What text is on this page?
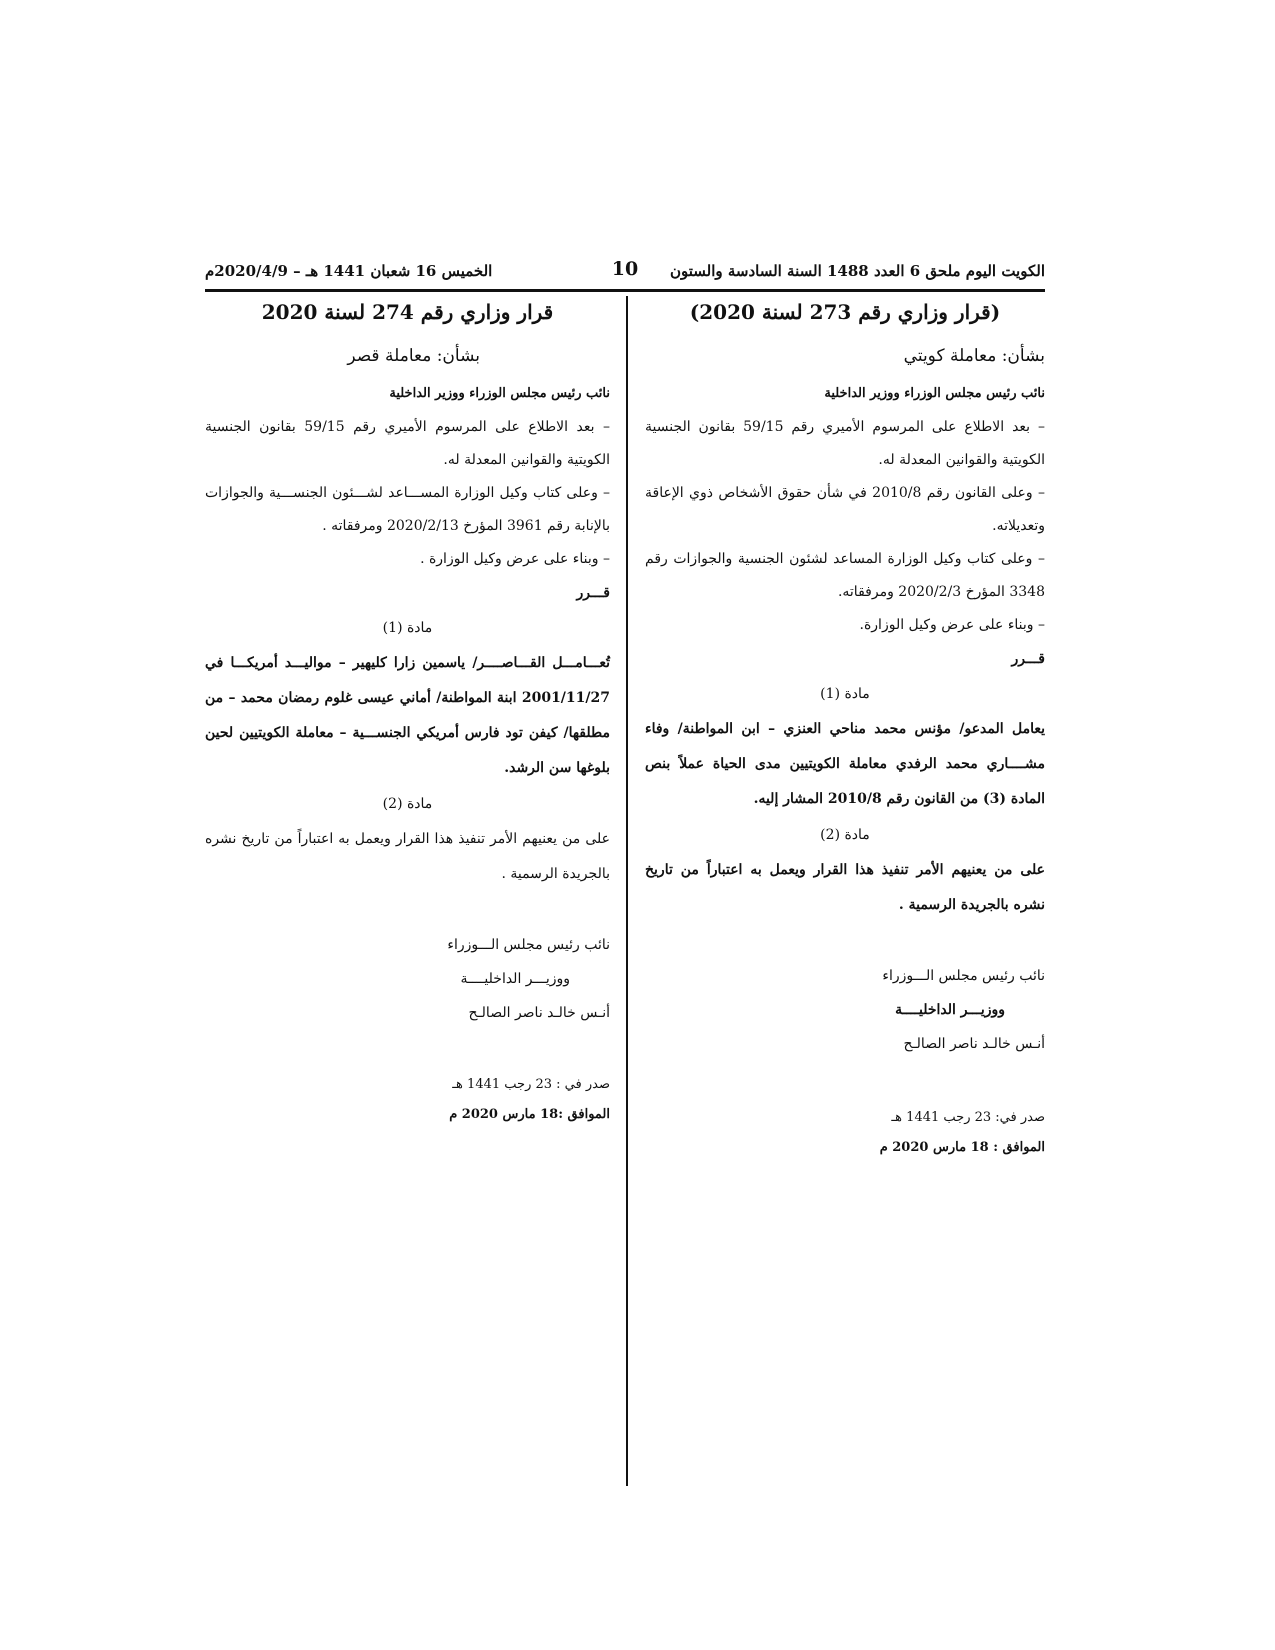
الكويت اليوم ملحق 6 العدد 1488 السنة السادسة والستون
10
الخميس 16 شعبان 1441 هـ – 2020/4/9م
(قرار وزاري رقم 273 لسنة 2020)
بشأن: معاملة كويتي
نائب رئيس مجلس الوزراء ووزير الداخلية
– بعد الاطلاع على المرسوم الأميري رقم 59/15 بقانون الجنسية الكويتية والقوانين المعدلة له.
– وعلى القانون رقم 2010/8 في شأن حقوق الأشخاص ذوي الإعاقة وتعديلاته.
– وعلى كتاب وكيل الوزارة المساعد لشئون الجنسية والجوازات رقم 3348 المؤرخ 2020/2/3 ومرفقاته.
– وبناء على عرض وكيل الوزارة.
قـــرر
مادة (1)
يعامل المدعو/ مؤنس محمد مناحي العنزي – ابن المواطنة/ وفاء مشــــاري محمد الرفدي معاملة الكويتيين مدى الحياة عملاً بنص المادة (3) من القانون رقم 2010/8 المشار إليه.
مادة (2)
على من يعنيهم الأمر تنفيذ هذا القرار ويعمل به اعتباراً من تاريخ نشره بالجريدة الرسمية .
نائب رئيس مجلس الـــوزراء
ووزيـــر الداخليــــة
أنـس خالـد ناصر الصالـح
صدر في: 23 رجب 1441 هـ
الموافق : 18 مارس 2020 م
قرار وزاري رقم 274 لسنة 2020
بشأن: معاملة قصر
نائب رئيس مجلس الوزراء ووزير الداخلية
– بعد الاطلاع على المرسوم الأميري رقم 59/15 بقانون الجنسية الكويتية والقوانين المعدلة له.
– وعلى كتاب وكيل الوزارة المســـاعد لشـــئون الجنســـية والجوازات بالإنابة رقم 3961 المؤرخ 2020/2/13 ومرفقاته .
– وبناء على عرض وكيل الوزارة .
قـــرر
مادة (1)
تُعـــامـــل القـــاصــــر/ ياسمين زارا كليهير – مواليـــد أمريكـــا في 2001/11/27 ابنة المواطنة/ أماني عيسى غلوم رمضان محمد – من مطلقها/ كيفن تود فارس أمريكي الجنســـية – معاملة الكويتيين لحين بلوغها سن الرشد.
مادة (2)
على من يعنيهم الأمر تنفيذ هذا القرار ويعمل به اعتباراً من تاريخ نشره بالجريدة الرسمية .
نائب رئيس مجلس الـــوزراء
ووزيـــر الداخليــــة
أنـس خالـد ناصر الصالـح
صدر في : 23 رجب 1441 هـ
الموافق :18 مارس 2020 م
